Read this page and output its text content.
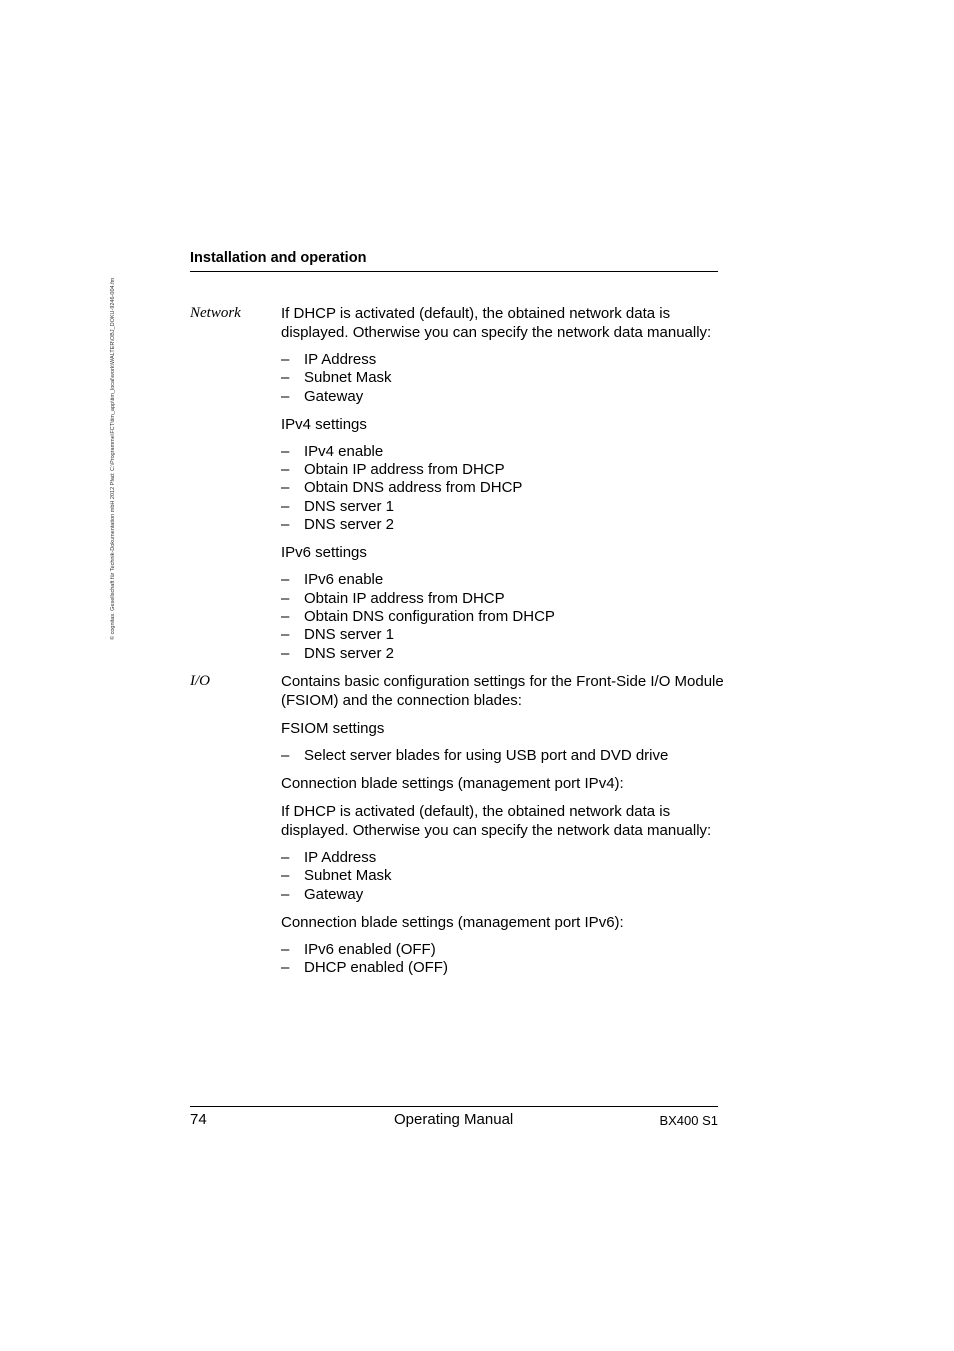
© cognitas. Gesellschaft für Technik-Dokumentation mbH 2012 Pfad: C:\Programme\FCT\tim_app\tim_local\work\WALTER\OBJ_DOKU-9246-004.fm
Installation and operation
Network	If DHCP is activated (default), the obtained network data is displayed. Otherwise you can specify the network data manually:

– IP Address
– Subnet Mask
– Gateway

IPv4 settings

– IPv4 enable
– Obtain IP address from DHCP
– Obtain DNS address from DHCP
– DNS server 1
– DNS server 2

IPv6 settings

– IPv6 enable
– Obtain IP address from DHCP
– Obtain DNS configuration from DHCP
– DNS server 1
– DNS server 2
I/O	Contains basic configuration settings for the Front-Side I/O Module (FSIOM) and the connection blades:

FSIOM settings

– Select server blades for using USB port and DVD drive

Connection blade settings (management port IPv4):

If DHCP is activated (default), the obtained network data is displayed. Otherwise you can specify the network data manually:

– IP Address
– Subnet Mask
– Gateway

Connection blade settings (management port IPv6):

– IPv6 enabled (OFF)
– DHCP enabled (OFF)
74	Operating Manual	BX400 S1
